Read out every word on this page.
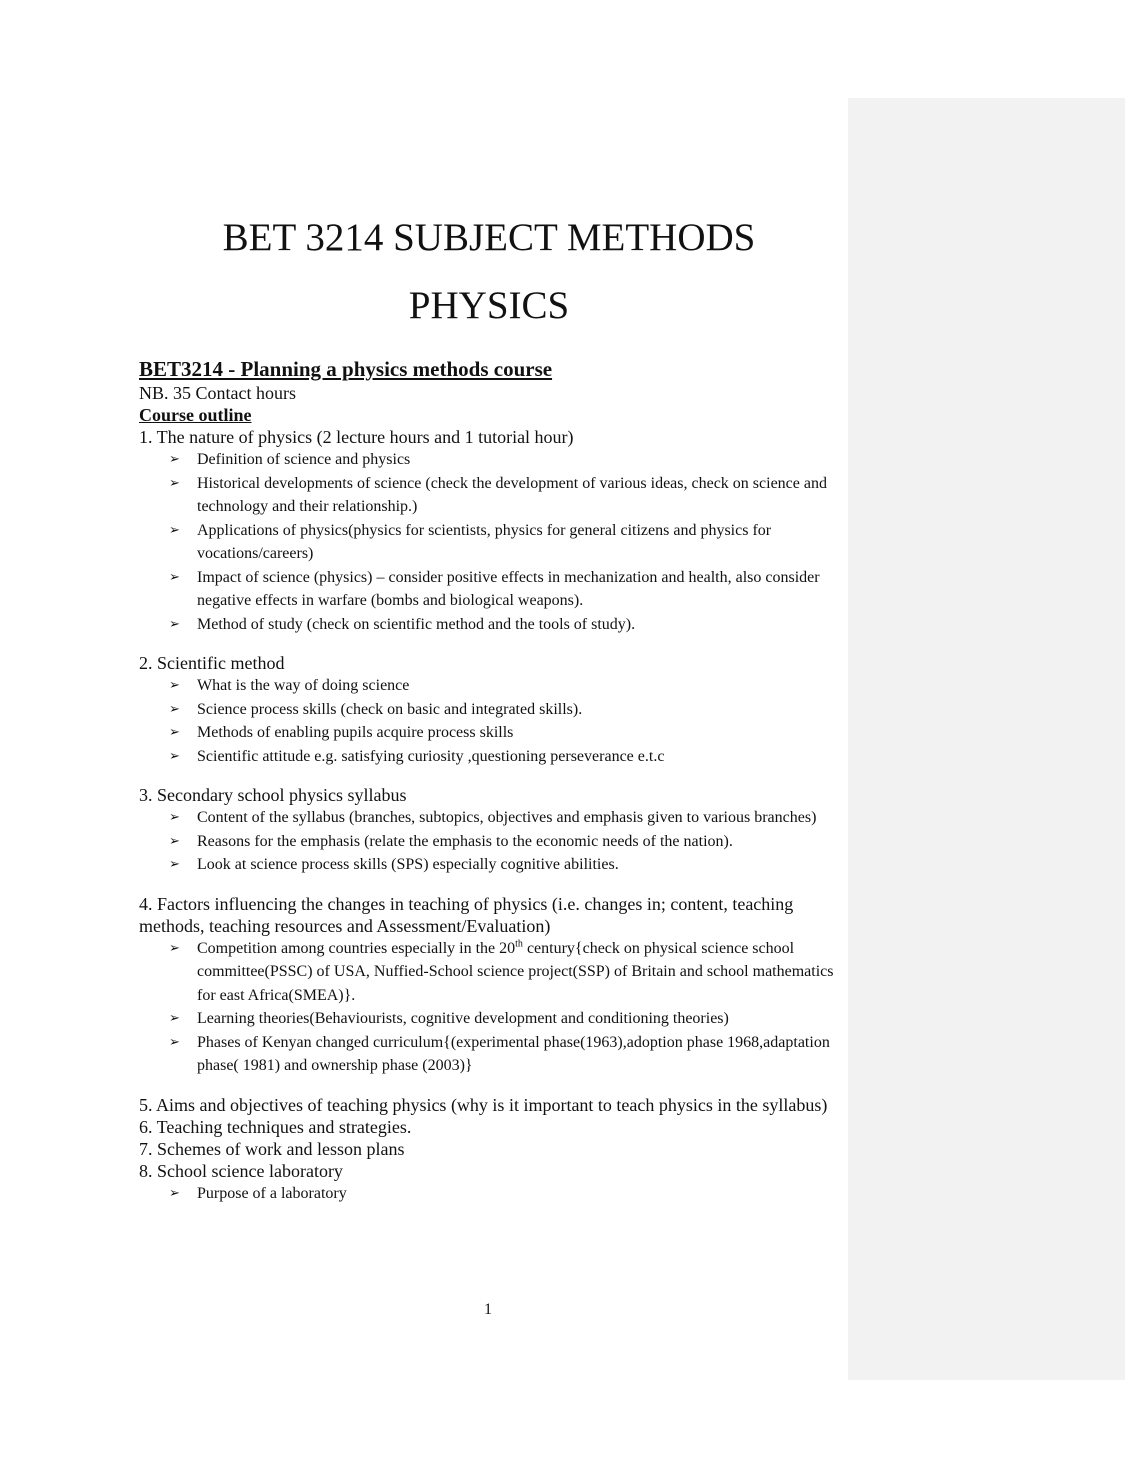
BET 3214 SUBJECT METHODS
PHYSICS

BET3214 - Planning a physics methods course

NB. 35 Contact hours

Course outline

1. The nature of physics (2 lecture hours and 1 tutorial hour)

➢ Definition of science and physics
➢ Historical developments of science (check the development of various ideas, check on science and technology and their relationship.)
➢ Applications of physics(physics for scientists, physics for general citizens and physics for vocations/careers)
➢ Impact of science (physics) – consider positive effects in mechanization and health, also consider negative effects in warfare (bombs and biological weapons).
➢ Method of study (check on scientific method and the tools of study).

2. Scientific method

➢ What is the way of doing science
➢ Science process skills (check on basic and integrated skills).
➢ Methods of enabling pupils acquire process skills
➢ Scientific attitude e.g. satisfying curiosity ,questioning perseverance e.t.c

3. Secondary school physics syllabus

➢ Content of the syllabus (branches, subtopics, objectives and emphasis given to various branches)
➢ Reasons for the emphasis (relate the emphasis to the economic needs of the nation).
➢ Look at science process skills (SPS) especially cognitive abilities.

4. Factors influencing the changes in teaching of physics (i.e. changes in; content, teaching methods, teaching resources and Assessment/Evaluation)

➢ Competition among countries especially in the 20th century{check on physical science school committee(PSSC) of USA, Nuffied-School science project(SSP) of Britain and school mathematics for east Africa(SMEA)}.
➢ Learning theories(Behaviourists, cognitive development and conditioning theories)
➢ Phases of Kenyan changed curriculum{(experimental phase(1963),adoption phase 1968,adaptation phase( 1981) and ownership phase (2003)}

5. Aims and objectives of teaching physics (why is it important to teach physics in the syllabus)

6. Teaching techniques and strategies.

7. Schemes of work and lesson plans

8. School science laboratory

➢ Purpose of a laboratory
1
